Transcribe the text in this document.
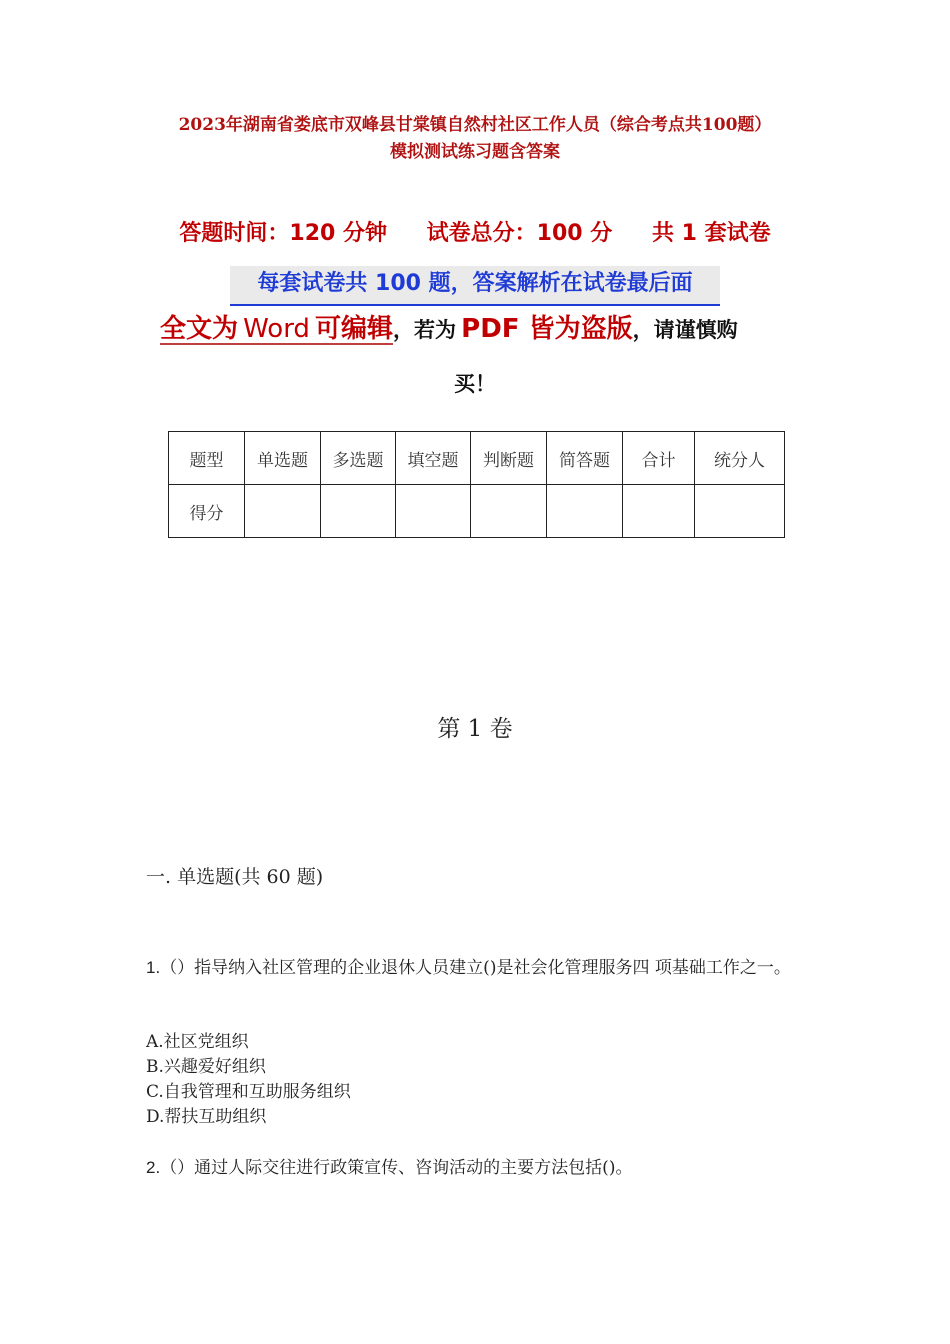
2023年湖南省娄底市双峰县甘棠镇自然村社区工作人员（综合考点共100题）
模拟测试练习题含答案
答题时间：120 分钟 试卷总分：100 分 共 1 套试卷
每套试卷共 100 题，答案解析在试卷最后面
全文为 Word 可编辑，若为 PDF 皆为盗版，请谨慎购
买！
题型	单选题	多选题	填空题	判断题	简答题	合计	统分人
得分							
第 1 卷
一. 单选题(共 60 题)
1.（）指导纳入社区管理的企业退休人员建立()是社会化管理服务四 项基础工作之一。
A.社区党组织
B.兴趣爱好组织
C.自我管理和互助服务组织
D.帮扶互助组织
2.（）通过人际交往进行政策宣传、咨询活动的主要方法包括()。
